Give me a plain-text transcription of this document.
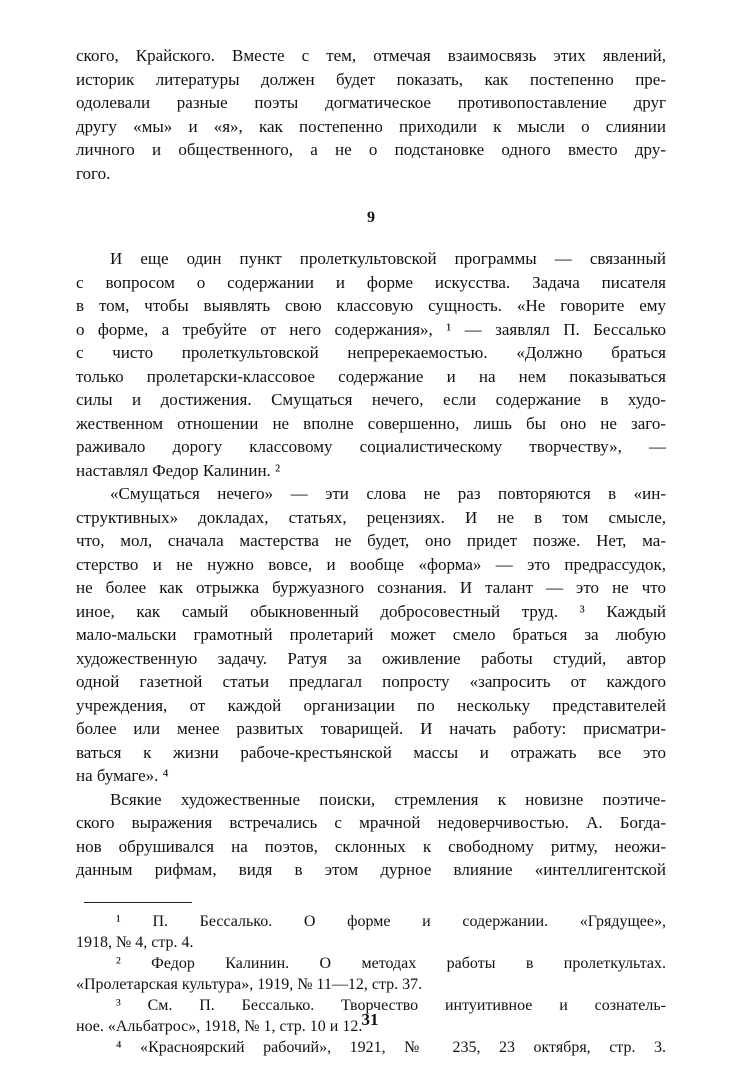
ского, Крайского. Вместе с тем, отмечая взаимосвязь этих явлений,
историк литературы должен будет показать, как постепенно пре-
одолевали разные поэты догматическое противопоставление друг
другу «мы» и «я», как постепенно приходили к мысли о слиянии
личного и общественного, а не о подстановке одного вместо дру-
гого.
9
И еще один пункт пролеткультовской программы — связанный
с вопросом о содержании и форме искусства. Задача писателя
в том, чтобы выявлять свою классовую сущность. «Не говорите ему
о форме, а требуйте от него содержания», ¹ — заявлял П. Бессалько
с чисто пролеткультовской непререкаемостью. «Должно браться
только пролетарски-классовое содержание и на нем показываться
силы и достижения. Смущаться нечего, если содержание в худо-
жественном отношении не вполне совершенно, лишь бы оно не заго-
раживало дорогу классовому социалистическому творчеству», —
наставлял Федор Калинин. ²
«Смущаться нечего» — эти слова не раз повторяются в «ин-
структивных» докладах, статьях, рецензиях. И не в том смысле,
что, мол, сначала мастерства не будет, оно придет позже. Нет, ма-
стерство и не нужно вовсе, и вообще «форма» — это предрассудок,
не более как отрыжка буржуазного сознания. И талант — это не что
иное, как самый обыкновенный добросовестный труд. ³ Каждый
мало-мальски грамотный пролетарий может смело браться за любую
художественную задачу. Ратуя за оживление работы студий, автор
одной газетной статьи предлагал попросту «запросить от каждого
учреждения, от каждой организации по нескольку представителей
более или менее развитых товарищей. И начать работу: присматри-
ваться к жизни рабоче-крестьянской массы и отражать все это
на бумаге». ⁴
Всякие художественные поиски, стремления к новизне поэтиче-
ского выражения встречались с мрачной недоверчивостью. А. Богда-
нов обрушивался на поэтов, склонных к свободному ритму, неожи-
данным рифмам, видя в этом дурное влияние «интеллигентской
¹ П. Бессалько. О форме и содержании. «Грядущее»,
1918, № 4, стр. 4.
² Федор Калинин. О методах работы в пролеткультах.
«Пролетарская культура», 1919, № 11—12, стр. 37.
³ См. П. Бессалько. Творчество интуитивное и сознатель-
ное. «Альбатрос», 1918, № 1, стр. 10 и 12.
⁴ «Красноярский рабочий», 1921, № 235, 23 октября, стр. 3.
31
